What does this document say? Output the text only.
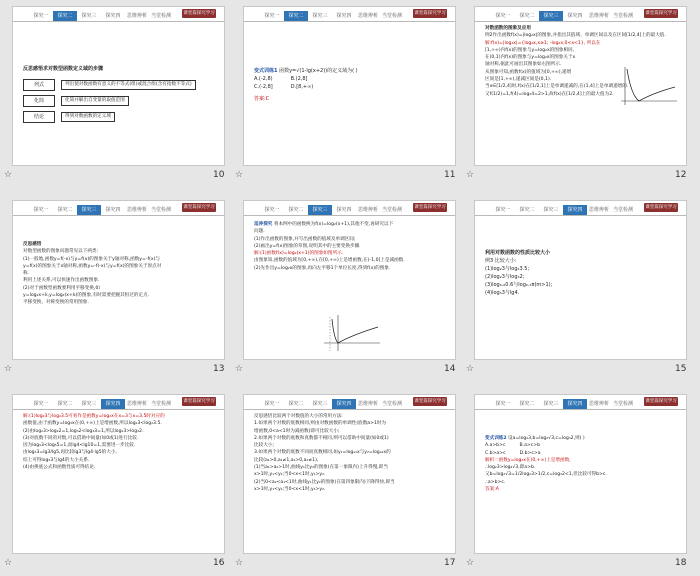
探究一	探究二	探究三	探究四	思维辨析 当堂检测	课堂篇探究学习
反思感悟求对数型函数定义域的步骤
列式	列出使对数函数有意义的不等式(组)或混合组(含有指数不等式)
化简	化简并解出自变量的取值范围
结论	得到对数函数的定义域
探究一	探究二	探究三	探究四	思维辨析 当堂检测	课堂篇探究学习
变式训练1 函数y=√(1-lg(x+2))的定义域为( )
A.(-2,8)	B.(2,8]
C.(-2,8]	D.[8,+∞)
答案:C
探究一	探究二	探究三	探究四	思维辨析 当堂检测	课堂篇探究学习
对数函数的图象及应用
例2作出函数f(x)=|log₂x|的图象,并指出其值域、单调区间以及在区间[1/2,4]上的最大值.
解:f(x)=|log₂x|={log₂x,x≥1; -log₂x,0<x<1}, 所以在
[1,+∞)内f(x)的图象与y=log₂x的图象相同,
在(0,1)内f(x)的图象与y=log₂x的图象关于x
轴对称,据此可画出其图象如右图所示.
从图象可知,函数f(x)的值域为[0,+∞),递增
区间是[1,+∞),递减区间是(0,1).
当x∈[1/2,4]时,f(x)在[1/2,1]上是单调递减的,在(1,4]上是单调递增的.
又f(1/2)=1,f(4)=log₂4=2>1,故f(x)在[1/2,4]上的最大值为2.
☆	10 ☆	11 ☆	12
探究一	探究二	探究三	探究四	思维辨析 当堂检测	课堂篇探究学习
反思感悟
对数型函数的图象问题常见以下两类:
(1)一般地,函数y=f(-x)与y=f(x)的图象关于y轴对称,函数y=-f(x)与
y=f(x)的图象关于x轴对称,函数y=-f(-x)与y=f(x)的图象关于原点对
称.
利用上述关系,可以快速作出函数图象.
(2)对于函数型函数要利用平移变换,如
y=log₂x+k,y=log₂(x+k)的图象,有时需要把握其恒过的定点.
平移变换、对称变换的常用图象.
探究一	探究二	探究三	探究四	思维辨析 当堂检测	课堂篇探究学习
延伸探究 将本例中的函数换为f(x)=log₂(x+1),其他不变,再研究以下
问题.
(1)作出函数的图象,并写出函数的值域及单调区间;
(2)画出y=f(x)图象的草图,说明其中的主要变换步骤.
解:(1)函数f(x)=log₂(x+1)的图象如图所示.
由图象知,函数的值域为[0,+∞),在[0,+∞)上是增函数,在(-1,0]上是减函数.
(2)先作出y=log₂x的图象,再向左平移1个单位长度,得到f(x)的图象.
探究一	探究二	探究三	探究四	思维辨析 当堂检测	课堂篇探究学习
利用对数函数的性质比较大小
例3 比较大小:
(1)log₂3与log₂3.5;
(2)log₂3与log₃2;
(3)log₀.₆0.6与log₀.₆π(m>1);
(4)log₅3与lg4.
☆	13 ☆	14 ☆	15
探究一	探究二	探究三	探究四	思维辨析 当堂检测	课堂篇探究学习
解:(1)log₂3与log₂3.5可看作是函数y=log₂x在x=3与x=3.5时对应的
函数值,由于函数y=log₂x在(0,+∞)上是增函数,所以log₂3<log₂3.5.
(2)由log₂3>log₂2=1,log₃2<log₃3=1,所以log₂3>log₃2.
(3)对底数不同的对数,可以借助中间量(如0或1)进行比较.
因为log₅3<log₅5=1,而lg4<lg10=1,需要进一步比较.
由log₅3=lg3/lg5,再比较lg3与lg4·lg5的大小,
综上可得log₅3与lg4的大小关系.
(4)由换底公式和函数性质可得结论.
探究一	探究二	探究三	探究四	思维辨析 当堂检测	课堂篇探究学习
反思感悟比较两个对数值的大小的常用方法:
1.如果两个对数的底数相同,则由对数函数的单调性(底数a>1时为
增函数,0<a<1时为减函数)即可比较大小;
2.如果两个对数的底数和真数都不相同,则可以借助中间量(如0或1)
比较大小;
3.如果两个对数的底数不同而真数相同,如y₁=logₐ₁x与y₂=logₐ₂x的
比较(a₁>0,a₁≠1,a₂>0,a₂≠1),
(1)当a₁>a₂>1时,曲线y₁比y₂的图象(在第一象限内)上升得慢,即当
x>1时,y₁<y₂;当0<x<1时,y₁>y₂.
(2)当0<a₂<a₁<1时,曲线y₁比y₂的图象(在第四象限内)下降得快,即当
x>1时,y₁<y₂;当0<x<1时,y₁>y₂.
探究一	探究二	探究三	探究四	思维辨析 当堂检测	课堂篇探究学习
变式训练2 设a=log₂3,b=log₂√3,c=log₃2,则( )
A.a>b>c	B.a>c>b
C.b>a>c	D.b>c>a
解析:∵函数y=log₂x在(0,+∞)上是增函数,
∴log₂3>log₂√3,即a>b.
又b=log₂√3=1/2log₂3>1/2,c=log₃2<1,但比较可得b>c.
∴a>b>c.
答案:A
☆	16 ☆	17 ☆	18
